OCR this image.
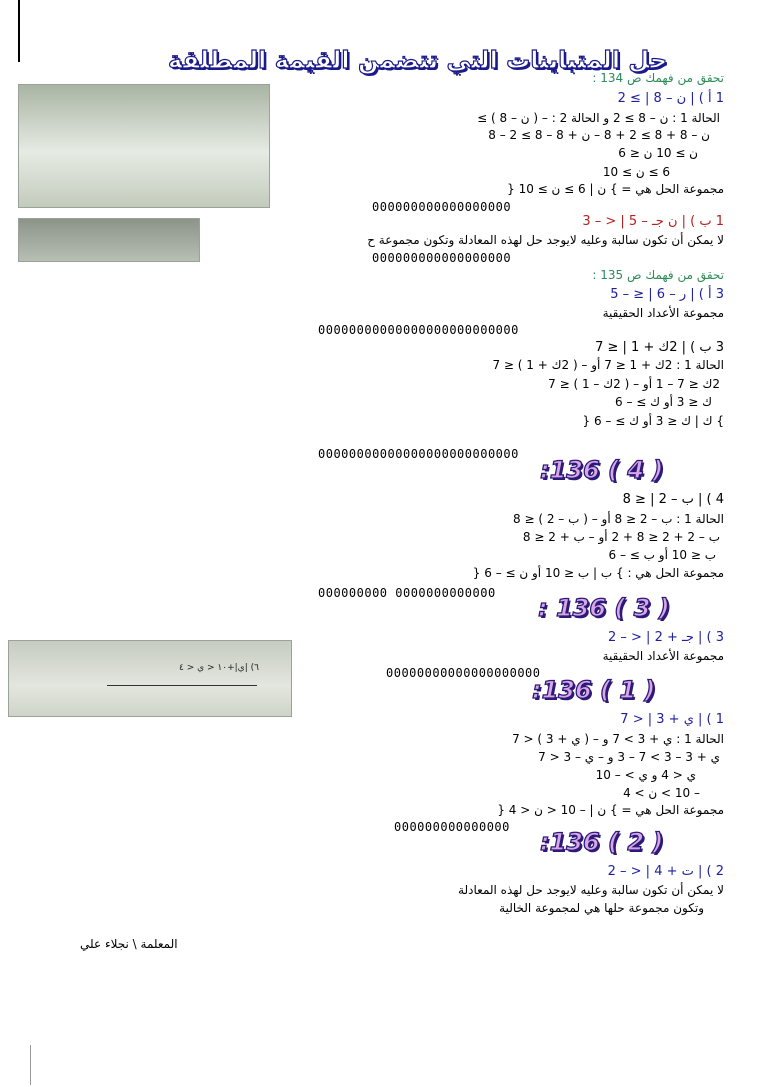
حل المتباينات التي تتضمن القيمة المطلقة
٦) |ي|+١٠ < ي < ٤
تحقق من فهمك ص 134 :
1 أ ) | ن – 8 | ≥ 2
الحالة 1 : ن – 8 ≥ 2 و الحالة 2 : – ( ن – 8 ) ≥
ن – 8 + 8 ≥ 2 + 8 – ن + 8 – 8 ≥ 2 – 8
ن ≥ 10 ن ≤ 6
6 ≥ ن ≥ 10
مجموعة الحل هي = } ن | 6 ≥ ن ≥ 10 {
000000000000000000
1 ب ) | ن جـ – 5 | < – 3
لا يمكن أن تكون سالبة وعليه لايوجد حل لهذه المعادلة وتكون مجموعة ح
000000000000000000
تحقق من فهمك ص 135 :
3 أ ) | ر – 6 | ≤ – 5
مجموعة الأعداد الحقيقية
00000000000000000000000000
3 ب ) | 2ك + 1 | ≤ 7
الحالة 1 : 2ك + 1 ≤ 7 أو – ( 2ك + 1 ) ≤ 7
2ك ≤ 7 – 1 أو – ( 2ك – 1 ) ≤ 7
ك ≤ 3 أو ك ≥ – 6
} ك | ك ≤ 3 أو ك ≥ – 6 {
00000000000000000000000000
:136 ( 4 )
4 ) | ب – 2 | ≤ 8
الحالة 1 : ب – 2 ≤ 8 أو – ( ب – 2 ) ≤ 8
ب – 2 + 2 ≤ 8 + 2 أو – ب + 2 ≤ 8
ب ≤ 10 أو ب ≥ – 6
مجموعة الحل هي : } ب | ب ≤ 10 أو ن ≥ – 6 {
000000000 0000000000000
: 136 ( 3 )
3 ) | جـ + 2 | < – 2
مجموعة الأعداد الحقيقية
00000000000000000000
:136 ( 1 )
1 ) | ي + 3 | < 7
الحالة 1 : ي + 3 > 7 و – ( ي + 3 ) < 7
ي + 3 – 3 > 7 – 3 و – ي – 3 < 7
ي < 4 و ي > – 10
– 10 > ن > 4
مجموعة الحل هي = } ن | – 10 < ن < 4 {
000000000000000
:136 ( 2 )
2 ) | ت + 4 | < – 2
لا يمكن أن تكون سالبة وعليه لايوجد حل لهذه المعادلة
وتكون مجموعة حلها هي لمجموعة الخالية
المعلمة \ نجلاء علي
